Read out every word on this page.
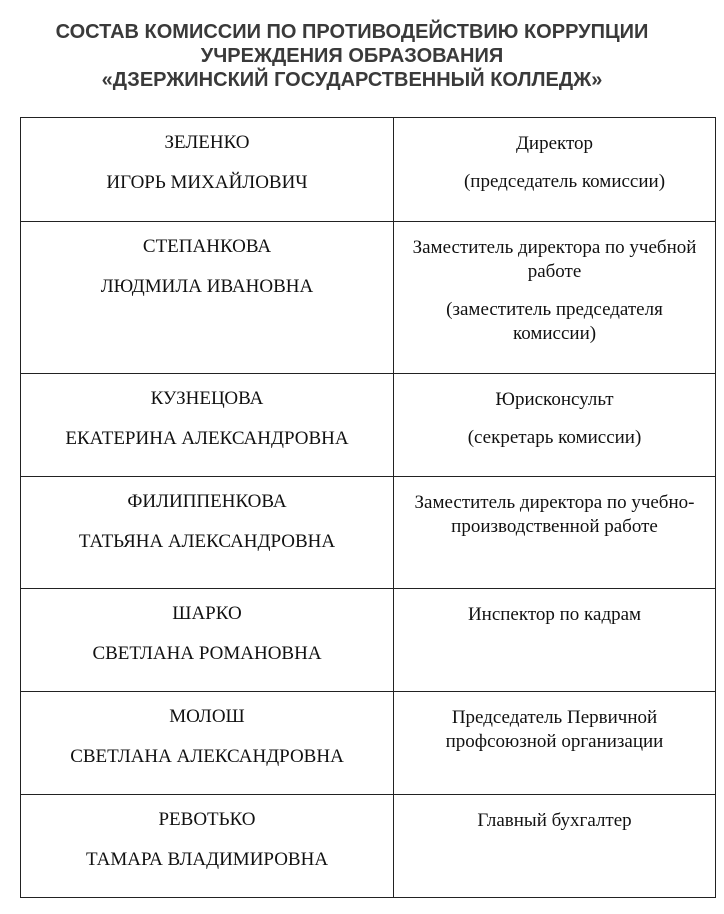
СОСТАВ КОМИССИИ ПО ПРОТИВОДЕЙСТВИЮ КОРРУПЦИИ
УЧРЕЖДЕНИЯ ОБРАЗОВАНИЯ
«ДЗЕРЖИНСКИЙ ГОСУДАРСТВЕННЫЙ КОЛЛЕДЖ»
ЗЕЛЕНКО
ИГОРЬ МИХАЙЛОВИЧ	Директор
(председатель комиссии)

СТЕПАНКОВА
ЛЮДМИЛА ИВАНОВНА	Заместитель директора по учебной работе
(заместитель председателя комиссии)

КУЗНЕЦОВА
ЕКАТЕРИНА АЛЕКСАНДРОВНА	Юрисконсульт
(секретарь комиссии)

ФИЛИППЕНКОВА
ТАТЬЯНА АЛЕКСАНДРОВНА	Заместитель директора по учебно-производственной работе

ШАРКО
СВЕТЛАНА РОМАНОВНА	Инспектор по кадрам

МОЛОШ
СВЕТЛАНА АЛЕКСАНДРОВНА	Председатель Первичной профсоюзной организации

РЕВОТЬКО
ТАМАРА ВЛАДИМИРОВНА	Главный бухгалтер
